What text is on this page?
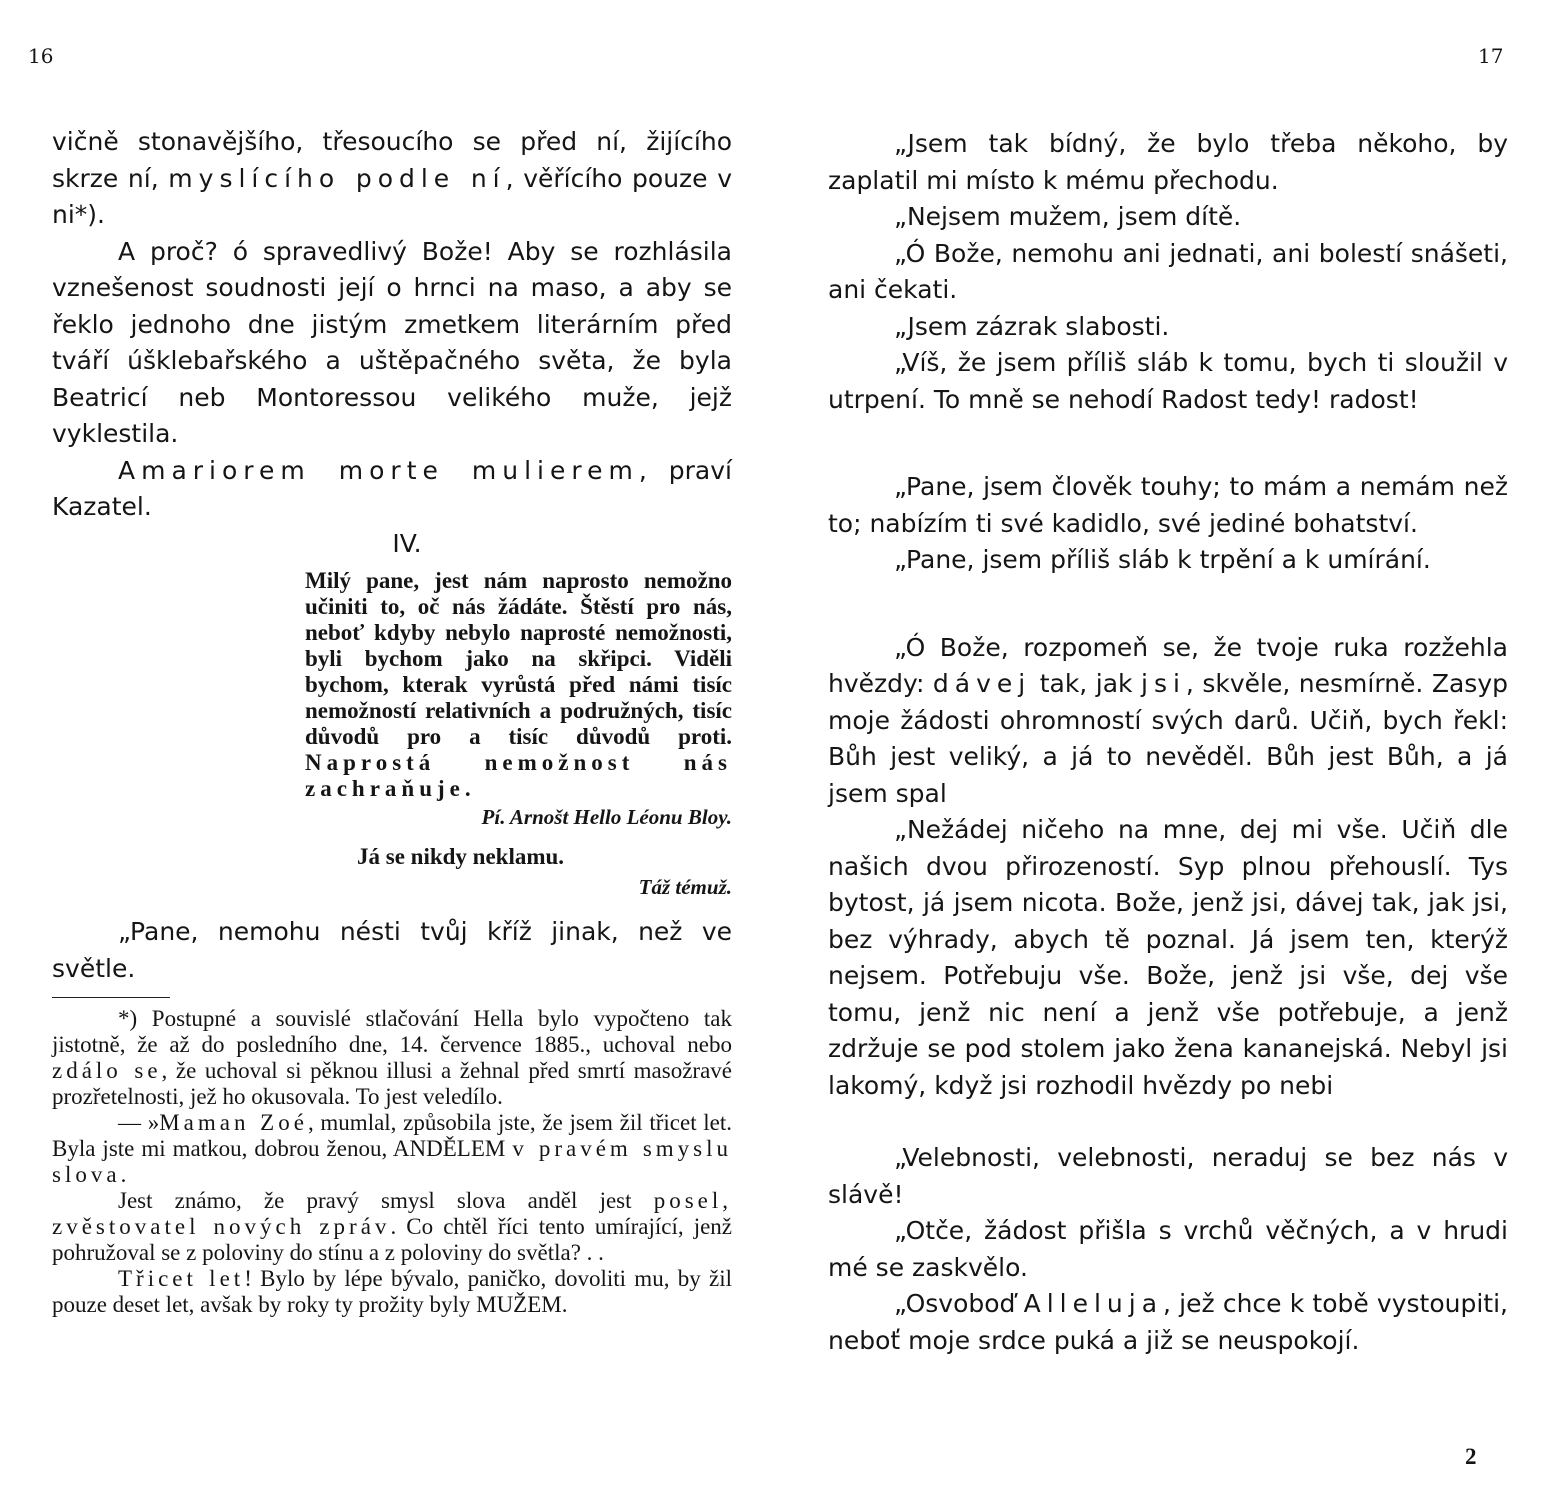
16	17

vičně stonavějšího, třesoucího se před ní, žijícího skrze ní, myslícího podle ní, věřícího pouze v ni*).

A proč? ó spravedlivý Bože! Aby se rozhlásila vznešenost soudnosti její o hrnci na maso, a aby se řeklo jednoho dne jistým zmetkem literárním před tváří úšklebařského a uštěpačného světa, že byla Beatricí neb Montoressou velikého muže, jejž vyklestila.

Amariorem morte mulierem, praví Kazatel.

IV.

Milý pane, jest nám naprosto nemožno učiniti to, oč nás žádáte. Štěstí pro nás, neboť kdyby nebylo naprosté nemožnosti, byli bychom jako na skřipci. Viděli bychom, kterak vyrůstá před námi tisíc nemožností relativních a podružných, tisíc důvodů pro a tisíc důvodů proti. Naprostá nemožnost nás zachraňuje.
Pí. Arnošt Hello Léonu Bloy.
Já se nikdy neklamu.
Táž témuž.

„Pane, nemohu nésti tvůj kříž jinak, než ve světle.

*) Postupné a souvislé stlačování Hella bylo vypočteno tak jistotně, že až do posledního dne, 14. července 1885., uchoval nebo zdálo se, že uchoval si pěknou illusi a žehnal před smrtí masožravé prozřetelnosti, jež ho okusovala. To jest veledílo.

— »Maman Zoé, mumlal, způsobila jste, že jsem žil třicet let. Byla jste mi matkou, dobrou ženou, ANDĚLEM v pravém smyslu slova.

Jest známo, že pravý smysl slova anděl jest posel, zvěstovatel nových zpráv. Co chtěl říci tento umírající, jenž pohružoval se z poloviny do stínu a z poloviny do světla? . .

Třicet let! Bylo by lépe bývalo, paničko, dovoliti mu, by žil pouze deset let, avšak by roky ty prožity byly MUŽEM.

„Jsem tak bídný, že bylo třeba někoho, by zaplatil mi místo k mému přechodu.

„Nejsem mužem, jsem dítě.

„Ó Bože, nemohu ani jednati, ani bolestí snášeti, ani čekati.

„Jsem zázrak slabosti.

„Víš, že jsem příliš sláb k tomu, bych ti sloužil v utrpení. To mně se nehodí Radost tedy! radost!

„Pane, jsem člověk touhy; to mám a nemám než to; nabízím ti své kadidlo, své jediné bohatství.

„Pane, jsem příliš sláb k trpění a k umírání.

„Ó Bože, rozpomeň se, že tvoje ruka rozžehla hvězdy: dávej tak, jak jsi, skvěle, nesmírně. Zasyp moje žádosti ohromností svých darů. Učiň, bych řekl: Bůh jest veliký, a já to nevěděl. Bůh jest Bůh, a já jsem spal

„Nežádej ničeho na mne, dej mi vše. Učiň dle našich dvou přirozeností. Syp plnou přehouslí. Tys bytost, já jsem nicota. Bože, jenž jsi, dávej tak, jak jsi, bez výhrady, abych tě poznal. Já jsem ten, kterýž nejsem. Potřebuju vše. Bože, jenž jsi vše, dej vše tomu, jenž nic není a jenž vše potřebuje, a jenž zdržuje se pod stolem jako žena kananejská. Nebyl jsi lakomý, když jsi rozhodil hvězdy po nebi

„Velebnosti, velebnosti, neraduj se bez nás v slávě!

„Otče, žádost přišla s vrchů věčných, a v hrudi mé se zaskvělo.

„Osvoboď Alleluja, jež chce k tobě vystoupiti, neboť moje srdce puká a již se neuspokojí.

2
